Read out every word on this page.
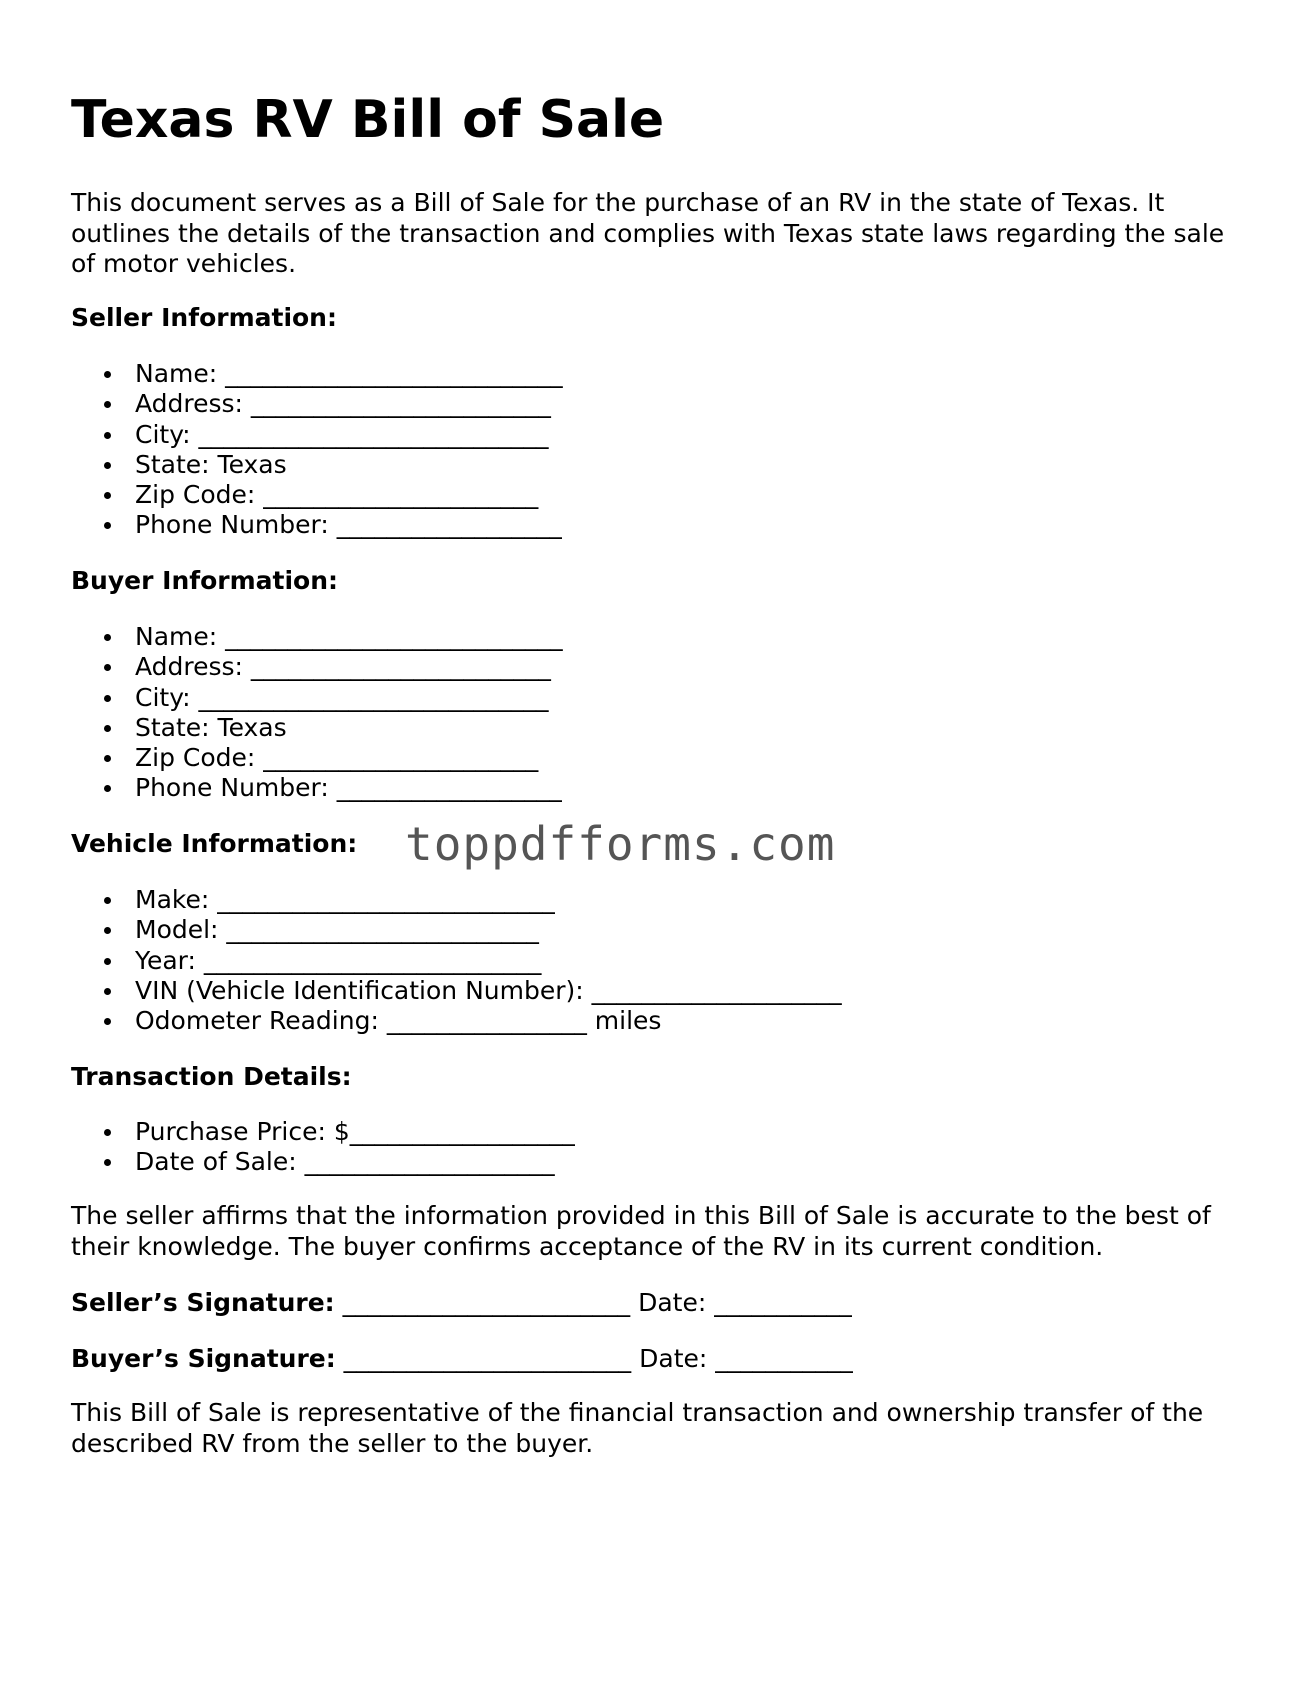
Texas RV Bill of Sale

This document serves as a Bill of Sale for the purchase of an RV in the state of Texas. It outlines the details of the transaction and complies with Texas state laws regarding the sale of motor vehicles.

Seller Information:
Name: ___________________________
Address: ________________________
City: ____________________________
State: Texas
Zip Code: ______________________
Phone Number: __________________
Buyer Information:
Name: ___________________________
Address: ________________________
City: ____________________________
State: Texas
Zip Code: ______________________
Phone Number: __________________
Vehicle Information:
Make: ___________________________
Model: _________________________
Year: ___________________________
VIN (Vehicle Identification Number): ____________________
Odometer Reading: ________________ miles
Transaction Details:
Purchase Price: $__________________
Date of Sale: ____________________

The seller affirms that the information provided in this Bill of Sale is accurate to the best of their knowledge. The buyer confirms acceptance of the RV in its current condition.

Seller’s Signature: _______________________ Date: ___________
Buyer’s Signature: _______________________ Date: ___________

This Bill of Sale is representative of the financial transaction and ownership transfer of the described RV from the seller to the buyer.

toppdfforms.com
